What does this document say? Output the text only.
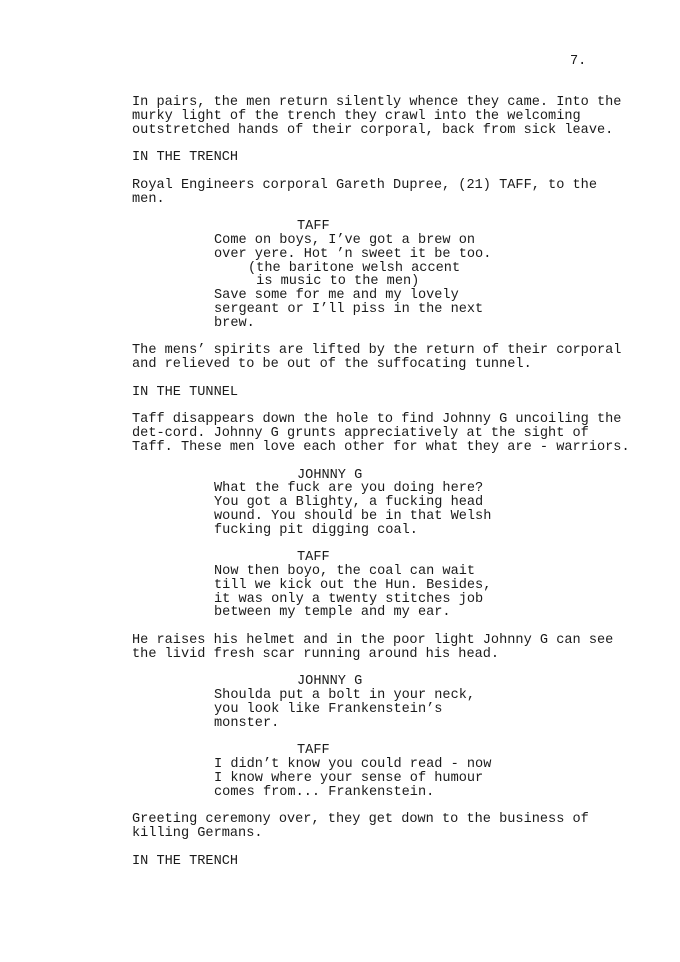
7.
In pairs, the men return silently whence they came. Into the
murky light of the trench they crawl into the welcoming
outstretched hands of their corporal, back from sick leave.
IN THE TRENCH
Royal Engineers corporal Gareth Dupree, (21) TAFF, to the
men.
TAFF
Come on boys, I’ve got a brew on
over yere. Hot ’n sweet it be too.
(the baritone welsh accent
is music to the men)
Save some for me and my lovely
sergeant or I’ll piss in the next
brew.
The mens’ spirits are lifted by the return of their corporal
and relieved to be out of the suffocating tunnel.
IN THE TUNNEL
Taff disappears down the hole to find Johnny G uncoiling the
det-cord. Johnny G grunts appreciatively at the sight of
Taff. These men love each other for what they are - warriors.
JOHNNY G
What the fuck are you doing here?
You got a Blighty, a fucking head
wound. You should be in that Welsh
fucking pit digging coal.
TAFF
Now then boyo, the coal can wait
till we kick out the Hun. Besides,
it was only a twenty stitches job
between my temple and my ear.
He raises his helmet and in the poor light Johnny G can see
the livid fresh scar running around his head.
JOHNNY G
Shoulda put a bolt in your neck,
you look like Frankenstein’s
monster.
TAFF
I didn’t know you could read - now
I know where your sense of humour
comes from... Frankenstein.
Greeting ceremony over, they get down to the business of
killing Germans.
IN THE TRENCH
